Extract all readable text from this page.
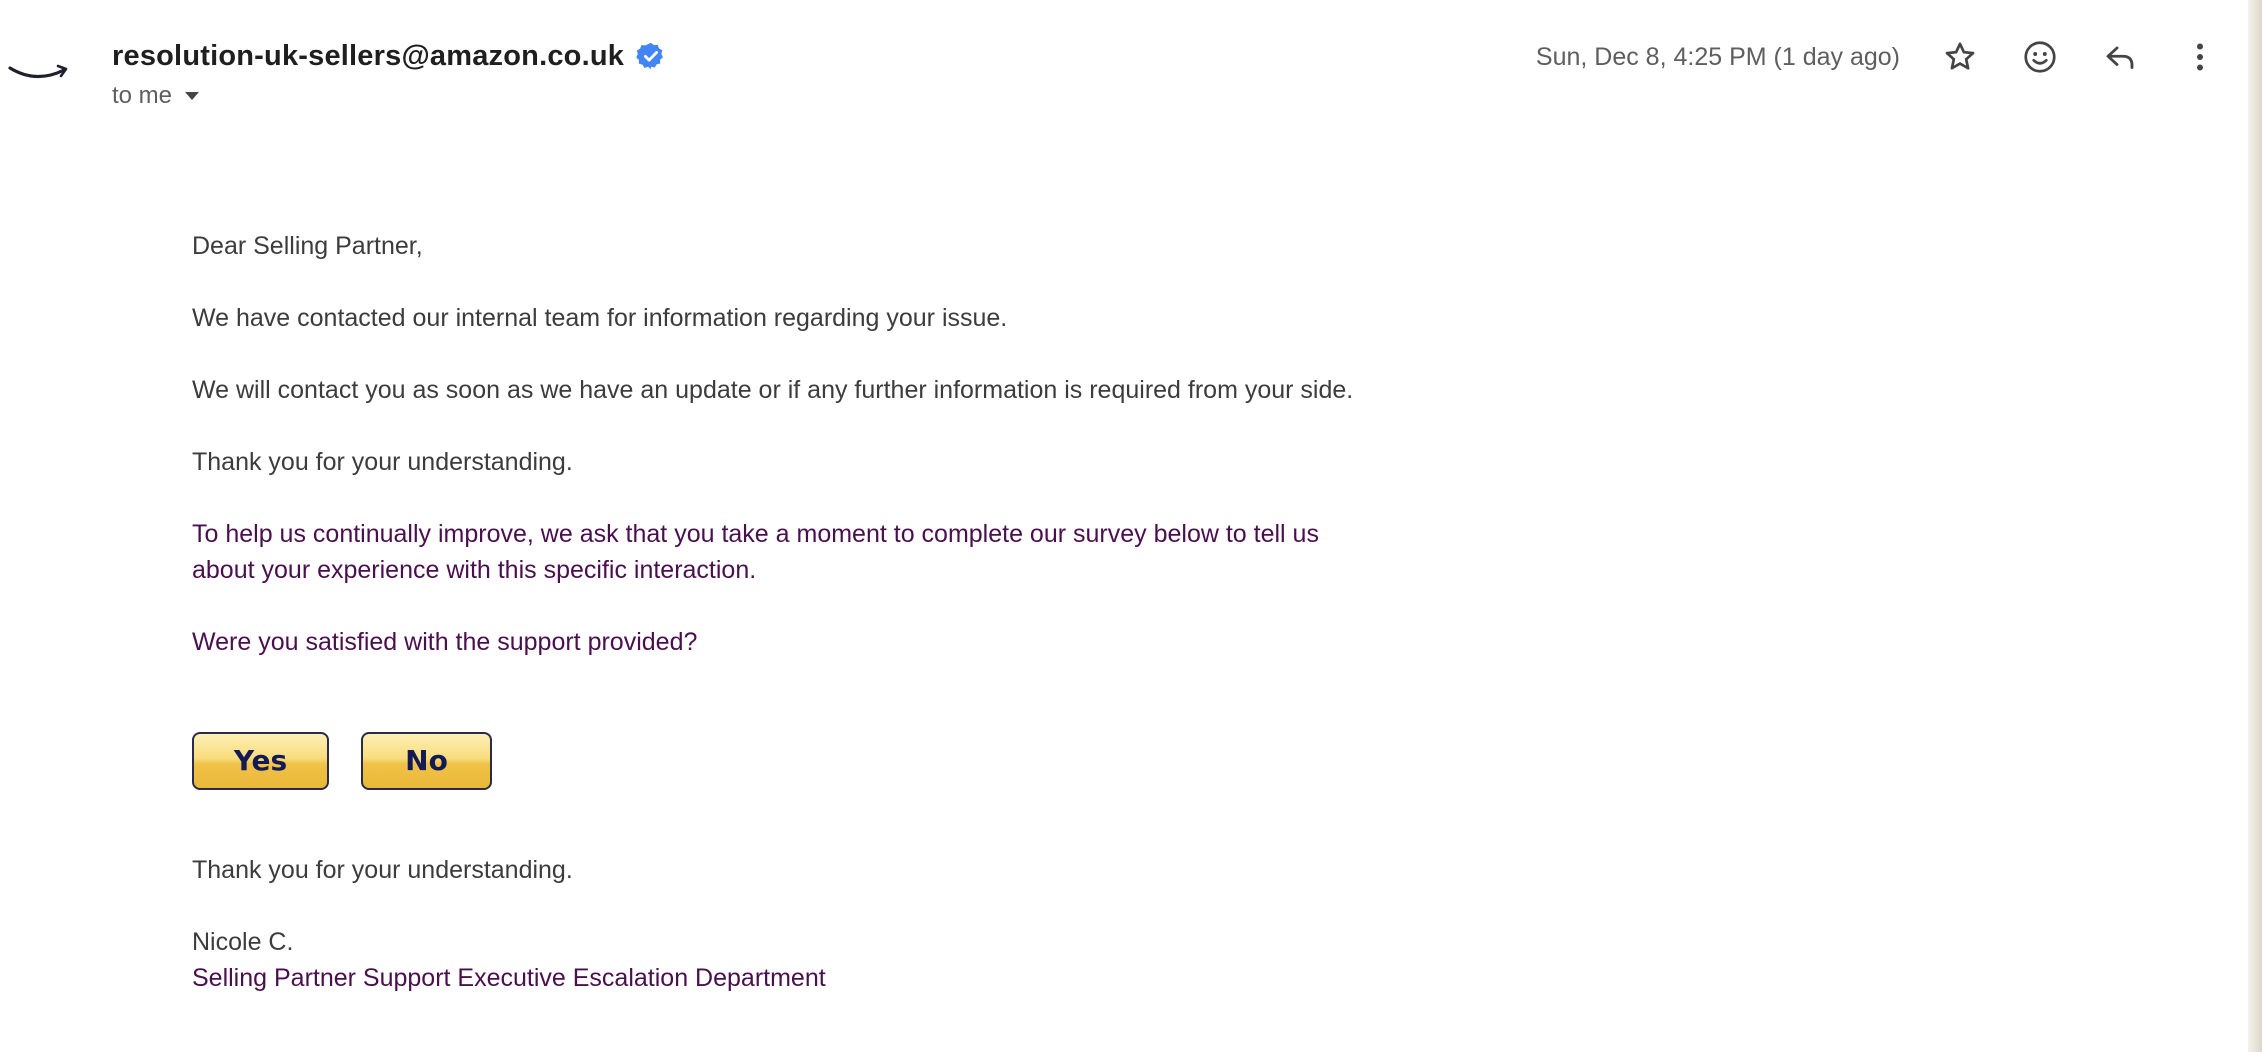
resolution-uk-sellers@amazon.co.uk
to me
Sun, Dec 8, 4:25 PM (1 day ago)

Dear Selling Partner,

We have contacted our internal team for information regarding your issue.

We will contact you as soon as we have an update or if any further information is required from your side.

Thank you for your understanding.

To help us continually improve, we ask that you take a moment to complete our survey below to tell us about your experience with this specific interaction.

Were you satisfied with the support provided?

Yes	No

Thank you for your understanding.

Nicole C.

Selling Partner Support Executive Escalation Department
